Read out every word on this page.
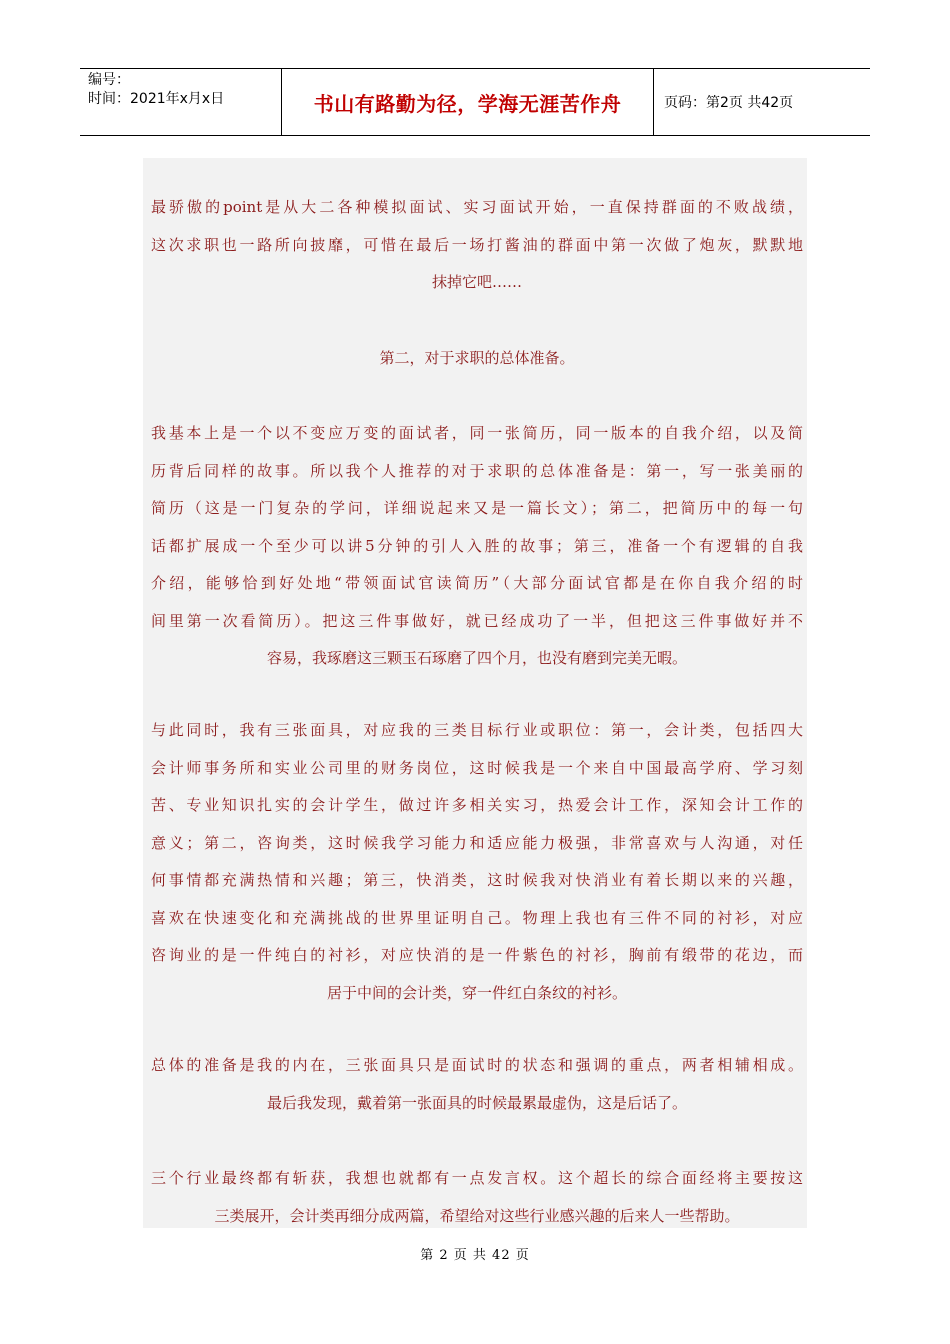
编号：
时间：2021年x月x日	书山有路勤为径，学海无涯苦作舟	页码：第2页 共42页
最骄傲的point是从大二各种模拟面试、实习面试开始，一直保持群面的不败战绩，
这次求职也一路所向披靡，可惜在最后一场打酱油的群面中第一次做了炮灰，默默地
抹掉它吧……
第二，对于求职的总体准备。
我基本上是一个以不变应万变的面试者，同一张简历，同一版本的自我介绍，以及简
历背后同样的故事。所以我个人推荐的对于求职的总体准备是：第一，写一张美丽的
简历（这是一门复杂的学问，详细说起来又是一篇长文）；第二，把简历中的每一句
话都扩展成一个至少可以讲5分钟的引人入胜的故事；第三，准备一个有逻辑的自我
介绍，能够恰到好处地“带领面试官读简历”（大部分面试官都是在你自我介绍的时
间里第一次看简历）。把这三件事做好，就已经成功了一半，但把这三件事做好并不
容易，我琢磨这三颗玉石琢磨了四个月，也没有磨到完美无暇。
与此同时，我有三张面具，对应我的三类目标行业或职位：第一，会计类，包括四大
会计师事务所和实业公司里的财务岗位，这时候我是一个来自中国最高学府、学习刻
苦、专业知识扎实的会计学生，做过许多相关实习，热爱会计工作，深知会计工作的
意义；第二，咨询类，这时候我学习能力和适应能力极强，非常喜欢与人沟通，对任
何事情都充满热情和兴趣；第三，快消类，这时候我对快消业有着长期以来的兴趣，
喜欢在快速变化和充满挑战的世界里证明自己。物理上我也有三件不同的衬衫，对应
咨询业的是一件纯白的衬衫，对应快消的是一件紫色的衬衫，胸前有缎带的花边，而
居于中间的会计类，穿一件红白条纹的衬衫。
总体的准备是我的内在，三张面具只是面试时的状态和强调的重点，两者相辅相成。
最后我发现，戴着第一张面具的时候最累最虚伪，这是后话了。
三个行业最终都有斩获，我想也就都有一点发言权。这个超长的综合面经将主要按这
三类展开，会计类再细分成两篇，希望给对这些行业感兴趣的后来人一些帮助。
第 2 页 共 42 页
